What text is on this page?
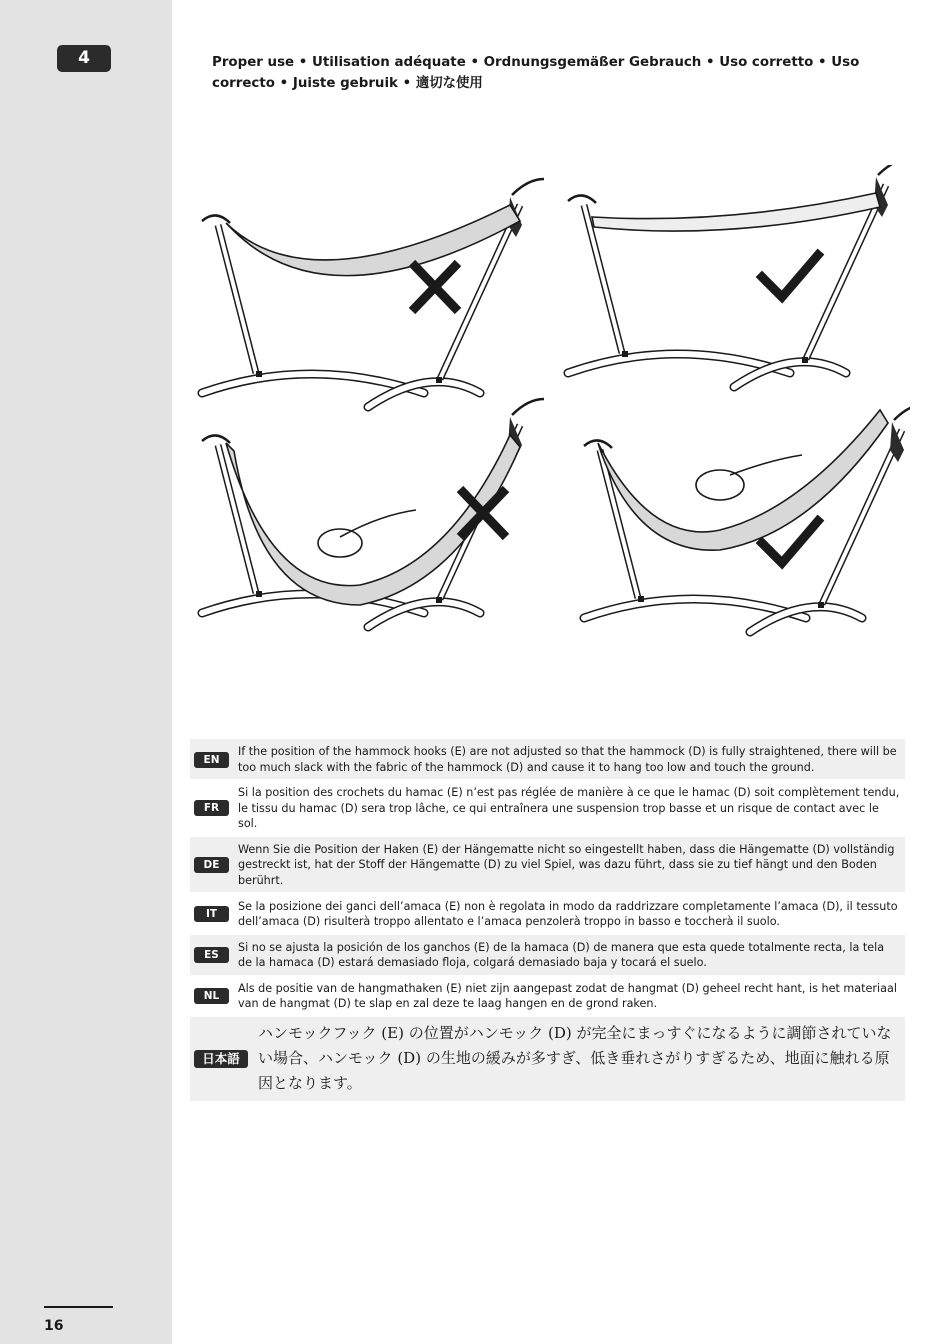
4
16
Proper use • Utilisation adéquate • Ordnungsgemäßer Gebrauch • Uso corretto • Uso correcto • Juiste gebruik • 適切な使用
EN
If the position of the hammock hooks (E) are not adjusted so that the hammock (D) is fully straightened, there will be too much slack with the fabric of the hammock (D) and cause it to hang too low and touch the ground.
FR
Si la position des crochets du hamac (E) n’est pas réglée de manière à ce que le hamac (D) soit complètement tendu, le tissu du hamac (D) sera trop lâche, ce qui entraînera une suspension trop basse et un risque de contact avec le sol.
DE
Wenn Sie die Position der Haken (E) der Hängematte nicht so eingestellt haben, dass die Hängematte (D) vollständig gestreckt ist, hat der Stoff der Hängematte (D) zu viel Spiel, was dazu führt, dass sie zu tief hängt und den Boden berührt.
IT
Se la posizione dei ganci dell’amaca (E) non è regolata in modo da raddrizzare completamente l’amaca (D), il tessuto dell’amaca (D) risulterà troppo allentato e l’amaca penzolerà troppo in basso e toccherà il suolo.
ES
Si no se ajusta la posición de los ganchos (E) de la hamaca (D) de manera que esta quede totalmente recta, la tela de la hamaca (D) estará demasiado floja, colgará demasiado baja y tocará el suelo.
NL
Als de positie van de hangmathaken (E) niet zijn aangepast zodat de hangmat (D) geheel recht hant, is het materiaal van de hangmat (D) te slap en zal deze te laag hangen en de grond raken.
日本語
ハンモックフック (E) の位置がハンモック (D) が完全にまっすぐになるように調節されていない場合、ハンモック (D) の生地の緩みが多すぎ、低き垂れさがりすぎるため、地面に触れる原因となります。
